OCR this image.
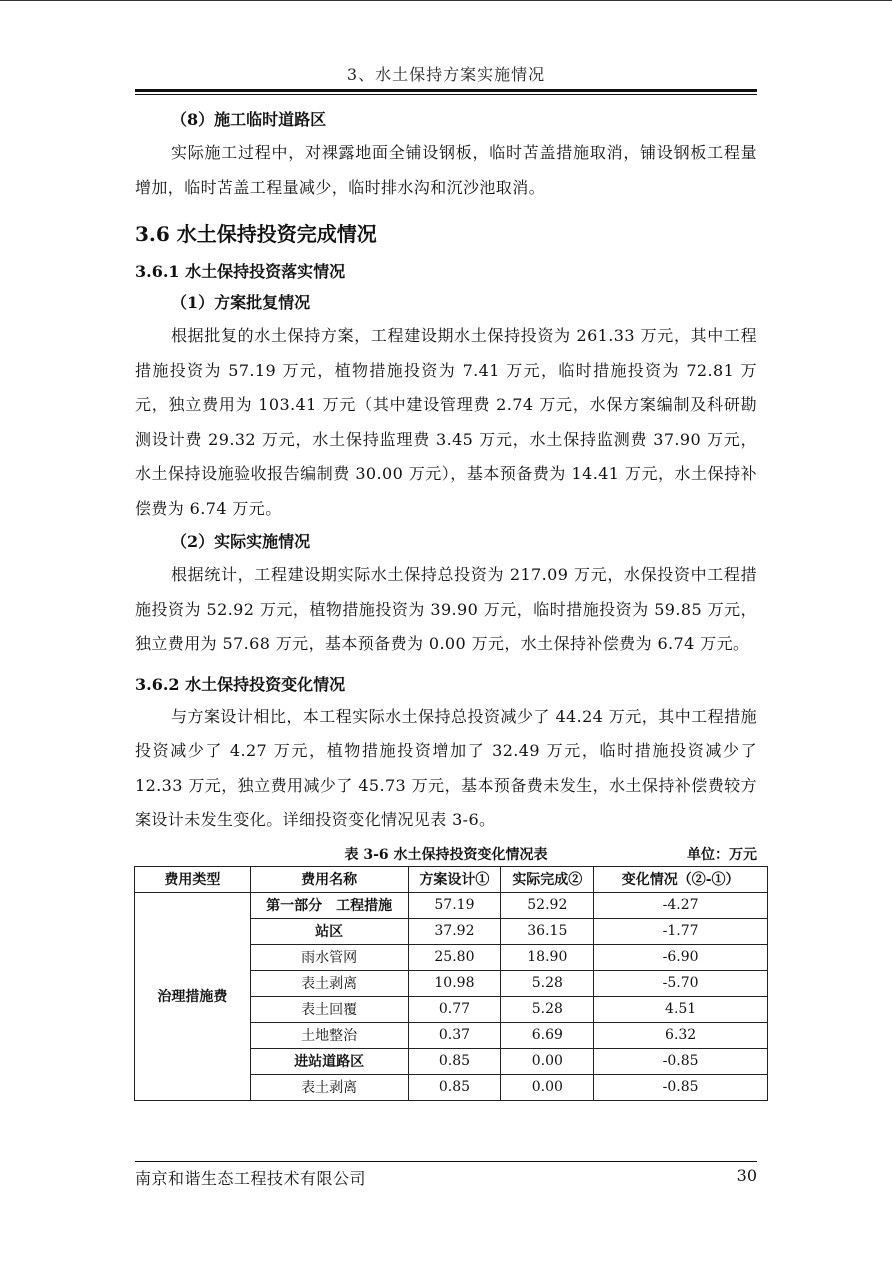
3、水土保持方案实施情况
（8）施工临时道路区

实际施工过程中，对裸露地面全铺设钢板，临时苫盖措施取消，铺设钢板工程量增加，临时苫盖工程量减少，临时排水沟和沉沙池取消。

3.6 水土保持投资完成情况
3.6.1 水土保持投资落实情况
（1）方案批复情况

根据批复的水土保持方案，工程建设期水土保持投资为 261.33 万元，其中工程措施投资为 57.19 万元，植物措施投资为 7.41 万元，临时措施投资为 72.81 万元，独立费用为 103.41 万元（其中建设管理费 2.74 万元，水保方案编制及科研勘测设计费 29.32 万元，水土保持监理费 3.45 万元，水土保持监测费 37.90 万元，水土保持设施验收报告编制费 30.00 万元），基本预备费为 14.41 万元，水土保持补偿费为 6.74 万元。

（2）实际实施情况

根据统计，工程建设期实际水土保持总投资为 217.09 万元，水保投资中工程措施投资为 52.92 万元，植物措施投资为 39.90 万元，临时措施投资为 59.85 万元，独立费用为 57.68 万元，基本预备费为 0.00 万元，水土保持补偿费为 6.74 万元。

3.6.2 水土保持投资变化情况

与方案设计相比，本工程实际水土保持总投资减少了 44.24 万元，其中工程措施投资减少了 4.27 万元，植物措施投资增加了 32.49 万元，临时措施投资减少了 12.33 万元，独立费用减少了 45.73 万元，基本预备费未发生，水土保持补偿费较方案设计未发生变化。详细投资变化情况见表 3-6。

表 3-6 水土保持投资变化情况表	单位：万元
费用类型	费用名称	方案设计①	实际完成②	变化情况（②-①）
治理措施费	第一部分　工程措施	57.19	52.92	-4.27
	站区	37.92	36.15	-1.77
	雨水管网	25.80	18.90	-6.90
	表土剥离	10.98	5.28	-5.70
	表土回覆	0.77	5.28	4.51
	土地整治	0.37	6.69	6.32
	进站道路区	0.85	0.00	-0.85
	表土剥离	0.85	0.00	-0.85
南京和谐生态工程技术有限公司	30
